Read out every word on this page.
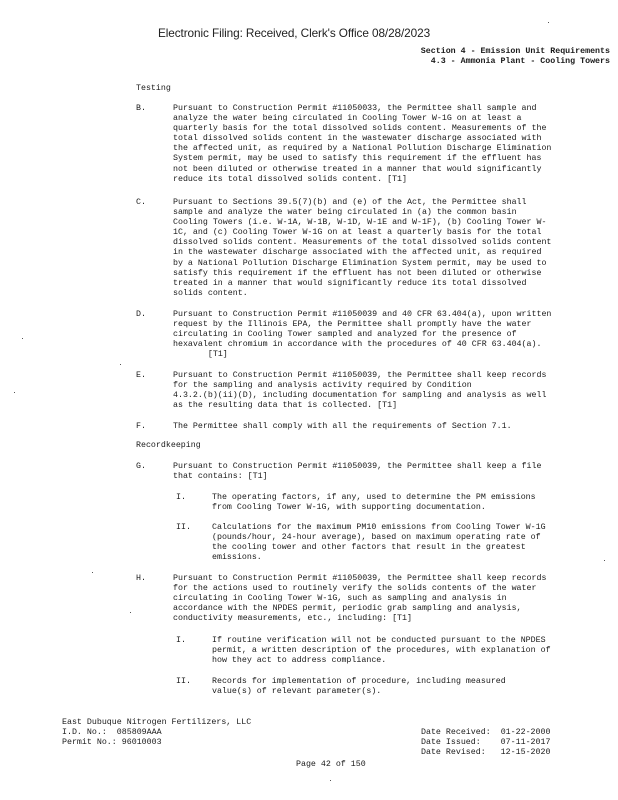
Electronic Filing: Received, Clerk's Office 08/28/2023
Section 4 - Emission Unit Requirements
4.3 - Ammonia Plant - Cooling Towers
Testing
B.	Pursuant to Construction Permit #11050033, the Permittee shall sample and
analyze the water being circulated in Cooling Tower W-1G on at least a
quarterly basis for the total dissolved solids content. Measurements of the
total dissolved solids content in the wastewater discharge associated with
the affected unit, as required by a National Pollution Discharge Elimination
System permit, may be used to satisfy this requirement if the effluent has
not been diluted or otherwise treated in a manner that would significantly
reduce its total dissolved solids content. [T1]
C.	Pursuant to Sections 39.5(7)(b) and (e) of the Act, the Permittee shall
sample and analyze the water being circulated in (a) the common basin
Cooling Towers (i.e. W-1A, W-1B, W-1D, W-1E and W-1F), (b) Cooling Tower W-
1C, and (c) Cooling Tower W-1G on at least a quarterly basis for the total
dissolved solids content. Measurements of the total dissolved solids content
in the wastewater discharge associated with the affected unit, as required
by a National Pollution Discharge Elimination System permit, may be used to
satisfy this requirement if the effluent has not been diluted or otherwise
treated in a manner that would significantly reduce its total dissolved
solids content.
D.	Pursuant to Construction Permit #11050039 and 40 CFR 63.404(a), upon written
request by the Illinois EPA, the Permittee shall promptly have the water
circulating in Cooling Tower sampled and analyzed for the presence of
hexavalent chromium in accordance with the procedures of 40 CFR 63.404(a).
[T1]
E.	Pursuant to Construction Permit #11050039, the Permittee shall keep records
for the sampling and analysis activity required by Condition
4.3.2.(b)(ii)(D), including documentation for sampling and analysis as well
as the resulting data that is collected. [T1]
F.	The Permittee shall comply with all the requirements of Section 7.1.
Recordkeeping
G.	Pursuant to Construction Permit #11050039, the Permittee shall keep a file
that contains: [T1]
I.	The operating factors, if any, used to determine the PM emissions
from Cooling Tower W-1G, with supporting documentation.
II.	Calculations for the maximum PM10 emissions from Cooling Tower W-1G
(pounds/hour, 24-hour average), based on maximum operating rate of
the cooling tower and other factors that result in the greatest
emissions.
H.	Pursuant to Construction Permit #11050039, the Permittee shall keep records
for the actions used to routinely verify the solids contents of the water
circulating in Cooling Tower W-1G, such as sampling and analysis in
accordance with the NPDES permit, periodic grab sampling and analysis,
conductivity measurements, etc., including: [T1]
I.	If routine verification will not be conducted pursuant to the NPDES
permit, a written description of the procedures, with explanation of
how they act to address compliance.
II.	Records for implementation of procedure, including measured
value(s) of relevant parameter(s).
East Dubuque Nitrogen Fertilizers, LLC
I.D. No.: 085809AAA
Permit No.: 96010003
Date Received: 01-22-2000
Date Issued: 07-11-2017
Date Revised: 12-15-2020
Page 42 of 150
